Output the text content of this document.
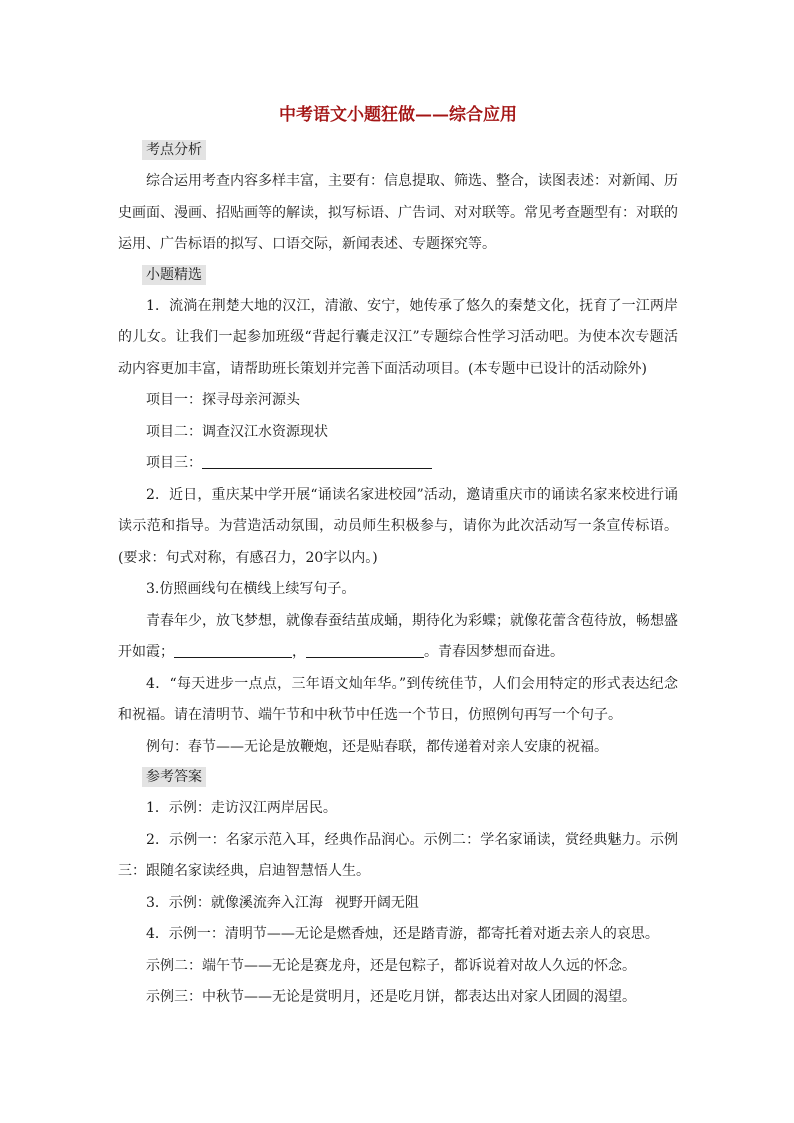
中考语文小题狂做——综合应用
考点分析

综合运用考查内容多样丰富，主要有：信息提取、筛选、整合，读图表述：对新闻、历史画面、漫画、招贴画等的解读，拟写标语、广告词、对对联等。常见考查题型有：对联的运用、广告标语的拟写、口语交际，新闻表述、专题探究等。

小题精选

1．流淌在荆楚大地的汉江，清澈、安宁，她传承了悠久的秦楚文化，抚育了一江两岸的儿女。让我们一起参加班级“背起行囊走汉江”专题综合性学习活动吧。为使本次专题活动内容更加丰富，请帮助班长策划并完善下面活动项目。(本专题中已设计的活动除外)

项目一：探寻母亲河源头

项目二：调查汉江水资源现状

项目三：

2．近日，重庆某中学开展“诵读名家进校园”活动，邀请重庆市的诵读名家来校进行诵读示范和指导。为营造活动氛围，动员师生积极参与，请你为此次活动写一条宣传标语。(要求：句式对称，有感召力，20字以内。)

3.仿照画线句在横线上续写句子。

青春年少，放飞梦想，就像春蚕结茧成蛹，期待化为彩蝶；就像花蕾含苞待放，畅想盛开如霞；	，	。青春因梦想而奋进。

4．“每天进步一点点，三年语文灿年华。”到传统佳节，人们会用特定的形式表达纪念和祝福。请在清明节、端午节和中秋节中任选一个节日，仿照例句再写一个句子。

例句：春节——无论是放鞭炮，还是贴春联，都传递着对亲人安康的祝福。

参考答案

1．示例：走访汉江两岸居民。

2．示例一：名家示范入耳，经典作品润心。示例二：学名家诵读，赏经典魅力。示例三：跟随名家读经典，启迪智慧悟人生。

3．示例：就像溪流奔入江海 视野开阔无阻

4．示例一：清明节——无论是燃香烛，还是踏青游，都寄托着对逝去亲人的哀思。

示例二：端午节——无论是赛龙舟，还是包粽子，都诉说着对故人久远的怀念。

示例三：中秋节——无论是赏明月，还是吃月饼，都表达出对家人团圆的渴望。
